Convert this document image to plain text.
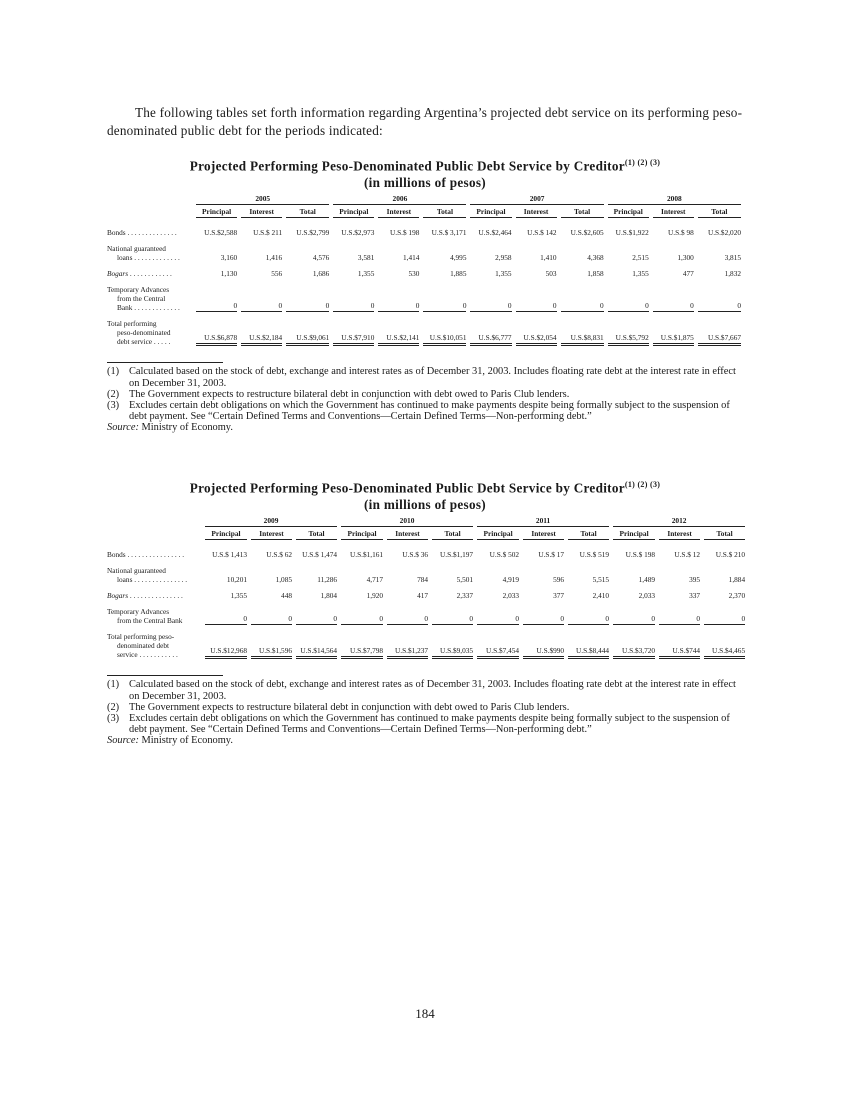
The following tables set forth information regarding Argentina’s projected debt service on its performing peso-denominated public debt for the periods indicated:

Projected Performing Peso-Denominated Public Debt Service by Creditor$^{(1) (2) (3)}$
(in millions of pesos)

	2005			2006			2007			2008		

	Principal	Interest	Total	Principal	Interest	Total	Principal	Interest	Total	Principal	Interest	Total

Bonds . . . . . . . . . . . . . .	U.S.$2,588	U.S.$ 211	U.S.$2,799	U.S.$2,973	U.S.$ 198	U.S.$ 3,171	U.S.$2,464	U.S.$ 142	U.S.$2,605	U.S.$1,922	U.S.$ 98	U.S.$2,020

National guaranteed
loans . . . . . . . . . . . . .	3,160	1,416	4,576	3,581	1,414	4,995	2,958	1,410	4,368	2,515	1,300	3,815

Bogars . . . . . . . . . . . .	1,130	556	1,686	1,355	530	1,885	1,355	503	1,858	1,355	477	1,832

Temporary Advances
from the Central
Bank . . . . . . . . . . . . .	0	0	0	0	0	0	0	0	0	0	0	0

Total performing
peso-denominated
debt service . . . . .	U.S.$6,878	U.S.$2,184	U.S.$9,061	U.S.$7,910	U.S.$2,141	U.S.$10,051	U.S.$6,777	U.S.$2,054	U.S.$8,831	U.S.$5,792	U.S.$1,875	U.S.$7,667
(1) Calculated based on the stock of debt, exchange and interest rates as of December 31, 2003. Includes floating rate debt at the interest rate in effect on December 31, 2003.
(2) The Government expects to restructure bilateral debt in conjunction with debt owed to Paris Club lenders.
(3) Excludes certain debt obligations on which the Government has continued to make payments despite being formally subject to the suspension of debt payment. See “Certain Defined Terms and Conventions—Certain Defined Terms—Non-performing debt.”
Source: Ministry of Economy.
Projected Performing Peso-Denominated Public Debt Service by Creditor$^{(1) (2) (3)}$
(in millions of pesos)

	2009			2010			2011			2012		

	Principal	Interest	Total	Principal	Interest	Total	Principal	Interest	Total	Principal	Interest	Total

Bonds . . . . . . . . . . . . . . . .	U.S.$ 1,413	U.S.$ 62	U.S.$ 1,474	U.S.$1,161	U.S.$ 36	U.S.$1,197	U.S.$ 502	U.S.$ 17	U.S.$ 519	U.S.$ 198	U.S.$ 12	U.S.$ 210

National guaranteed
loans . . . . . . . . . . . . . . .	10,201	1,085	11,286	4,717	784	5,501	4,919	596	5,515	1,489	395	1,884

Bogars . . . . . . . . . . . . . . .	1,355	448	1,804	1,920	417	2,337	2,033	377	2,410	2,033	337	2,370

Temporary Advances
from the Central Bank	0	0	0	0	0	0	0	0	0	0	0	0

Total performing peso-
denominated debt
service . . . . . . . . . . .	U.S.$12,968	U.S.$1,596	U.S.$14,564	U.S.$7,798	U.S.$1,237	U.S.$9,035	U.S.$7,454	U.S.$990	U.S.$8,444	U.S.$3,720	U.S.$744	U.S.$4,465
(1) Calculated based on the stock of debt, exchange and interest rates as of December 31, 2003. Includes floating rate debt at the interest rate in effect on December 31, 2003.
(2) The Government expects to restructure bilateral debt in conjunction with debt owed to Paris Club lenders.
(3) Excludes certain debt obligations on which the Government has continued to make payments despite being formally subject to the suspension of debt payment. See “Certain Defined Terms and Conventions—Certain Defined Terms—Non-performing debt.”
Source: Ministry of Economy.
184
